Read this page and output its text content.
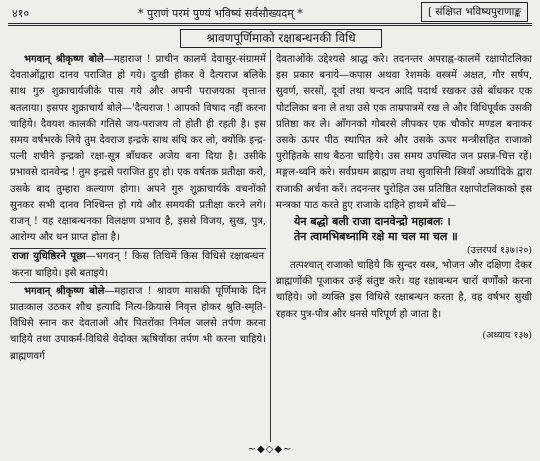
४१०	* पुराणं परमं पुण्यं भविष्यं सर्वसौख्यदम् *	[ संक्षिप्त भविष्यपुराणाङ्क
श्रावणपूर्णिमाको रक्षाबन्धनकी विधि

भगवान् श्रीकृष्ण बोले—महाराज ! प्राचीन कालमें देवासुर-संग्राममें देवताओंद्वारा दानव पराजित हो गये। दुःखी होकर वे दैत्यराज बलिके साथ गुरु शुक्राचार्यजीके पास गये और अपनी पराजयका वृत्तान्त बतलाया। इसपर शुक्राचार्य बोले—'दैत्यराज ! आपको विषाद नहीं करना चाहिये। दैवयश कालकी गतिसे जय-पराजय तो होती ही रहती है। इस समय वर्षभरके लिये तुम देवराज इन्द्रके साथ संधि कर लो, क्योंकि इन्द्र-पत्नी शचीने इन्द्रको रक्षा-सूत्र बाँधकर अजेय बना दिया है। उसीके प्रभावसे दानवेन्द्र ! तुम इन्द्रसे पराजित हुए हो। एक वर्षतक प्रतीक्षा करो, उसके बाद तुम्हारा कल्याण होगा। अपने गुरु शुक्राचार्यके वचनोंको सुनकर सभी दानव निश्चिन्त हो गये और समयकी प्रतीक्षा करने लगे। राजन् ! यह रक्षाबन्धनका विलक्षण प्रभाव है, इससे विजय, सुख, पुत्र, आरोग्य और धन प्राप्त होता है।

राजा युधिष्ठिरने पूछा—भगवन् ! किस तिथिमें किस विधिसे रक्षाबन्धन करना चाहिये। इसे बताइये।

भगवान् श्रीकृष्ण बोले—महाराज ! श्रावण मासकी पूर्णिमाके दिन प्रातःकाल उठकर शौच इत्यादि नित्य-क्रियासे निवृत्त होकर श्रुति-स्मृति-विधिसे स्नान कर देवताओं और पितरोंका निर्मल जलसे तर्पण करना चाहिये तथा उपाकर्म-विधिसे वेदोक्त ऋषियोंका तर्पण भी करना चाहिये। ब्राह्मणवर्ग

देवताओंके उद्देश्यसे श्राद्ध करे। तदनन्तर अपराह्न-कालमें रक्षापोटलिका इस प्रकार बनाये—कपास अथवा रेशमके वस्त्रमें अक्षत, गौर सर्षप, सुवर्ण, सरसों, दूर्वा तथा चन्दन आदि पदार्थ रखकर उसे बाँधकर एक पोटलिका बना ले तथा उसे एक ताम्रपात्रमें रख ले और विधिपूर्वक उसकी प्रतिष्ठा कर ले। आँगनको गोबरसे लीपकर एक चौकोर मण्डल बनाकर उसके ऊपर पीठ स्थापित करे और उसके ऊपर मन्त्रीसहित राजाको पुरोहितके साथ बैठना चाहिये। उस समय उपस्थित जन प्रसन्न-चित्त रहें। मङ्गल-ध्वनि करे। सर्वप्रथम ब्राह्मण तथा सुवासिनी स्त्रियाँ अर्घ्यादिके द्वारा राजाकी अर्चना करें। तदनन्तर पुरोहित उस प्रतिष्ठित रक्षापोटलिकाको इस मन्त्रका पाठ करते हुए राजाके दाहिने हाथमें बाँधे—

येन बद्धो बली राजा दानवेन्द्रो महाबलः ।
तेन त्वामभिबध्नामि रक्षे मा चल मा चल ॥
(उत्तरपर्व १३७।२०)

तत्पश्चात् राजाको चाहिये कि सुन्दर वस्त्र, भोजन और दक्षिणा देकर ब्राह्मणोंकी पूजाकर उन्हें संतुष्ट करे। यह रक्षाबन्धन चारों वर्णोंको करना चाहिये। जो व्यक्ति इस विधिसे रक्षाबन्धन करता है, वह वर्षभर सुखी रहकर पुत्र-पौत्र और धनसे परिपूर्ण हो जाता है।

(अध्याय १३७)
~◆◇◆~
